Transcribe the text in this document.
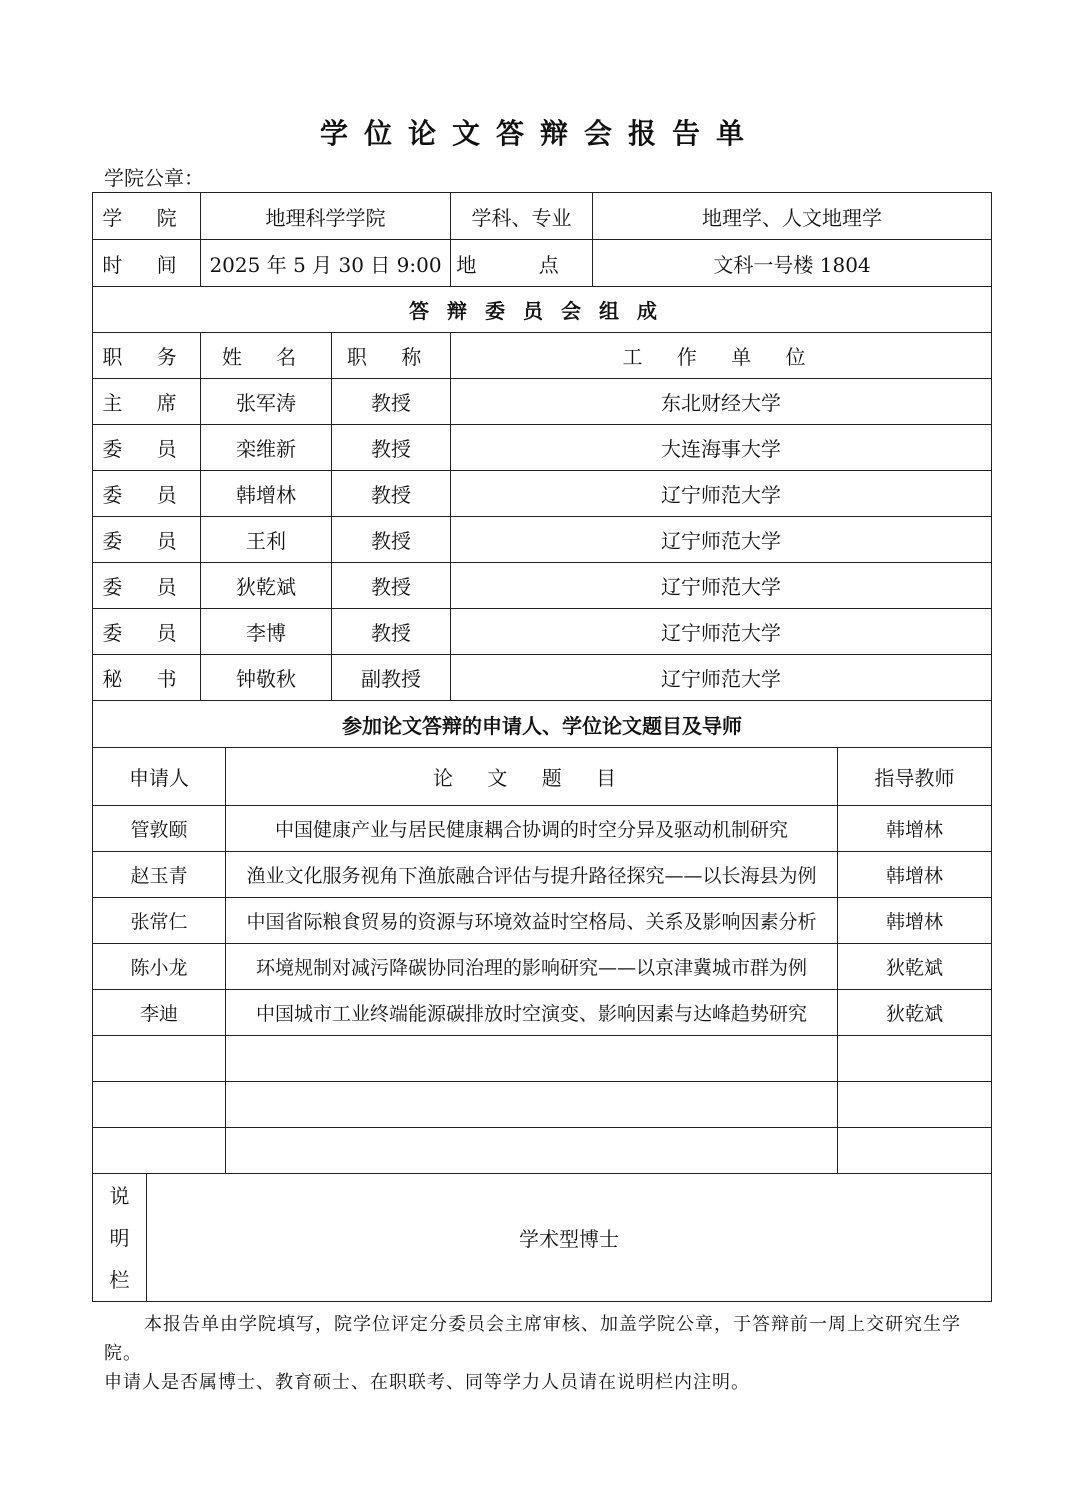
学位论文答辩会报告单
学院公章：
学 院		地理科学学院			学科、专业	地理学、人文地理学	
时 间		2025 年 5 月 30 日 9:00			地 点	文科一号楼 1804	
答辩委员会组成							
职 务		姓 名		职 称	工 作 单 位		
主 席		张军涛		教授	东北财经大学		
委 员		栾维新		教授	大连海事大学		
委 员		韩增林		教授	辽宁师范大学		
委 员		王利		教授	辽宁师范大学		
委 员		狄乾斌		教授	辽宁师范大学		
委 员		李博		教授	辽宁师范大学		
秘 书		钟敬秋		副教授	辽宁师范大学		
参加论文答辩的申请人、学位论文题目及导师							
申请人			论 文 题 目				指导教师
管敦颐			中国健康产业与居民健康耦合协调的时空分异及驱动机制研究				韩增林
赵玉青			渔业文化服务视角下渔旅融合评估与提升路径探究——以长海县为例				韩增林
张常仁			中国省际粮食贸易的资源与环境效益时空格局、关系及影响因素分析				韩增林
陈小龙			环境规制对减污降碳协同治理的影响研究——以京津冀城市群为例				狄乾斌
李迪			中国城市工业终端能源碳排放时空演变、影响因素与达峰趋势研究				狄乾斌

说
明
栏	学术型博士						
本报告单由学院填写，院学位评定分委员会主席审核、加盖学院公章，于答辩前一周上交研究生学院。
申请人是否属博士、教育硕士、在职联考、同等学力人员请在说明栏内注明。
